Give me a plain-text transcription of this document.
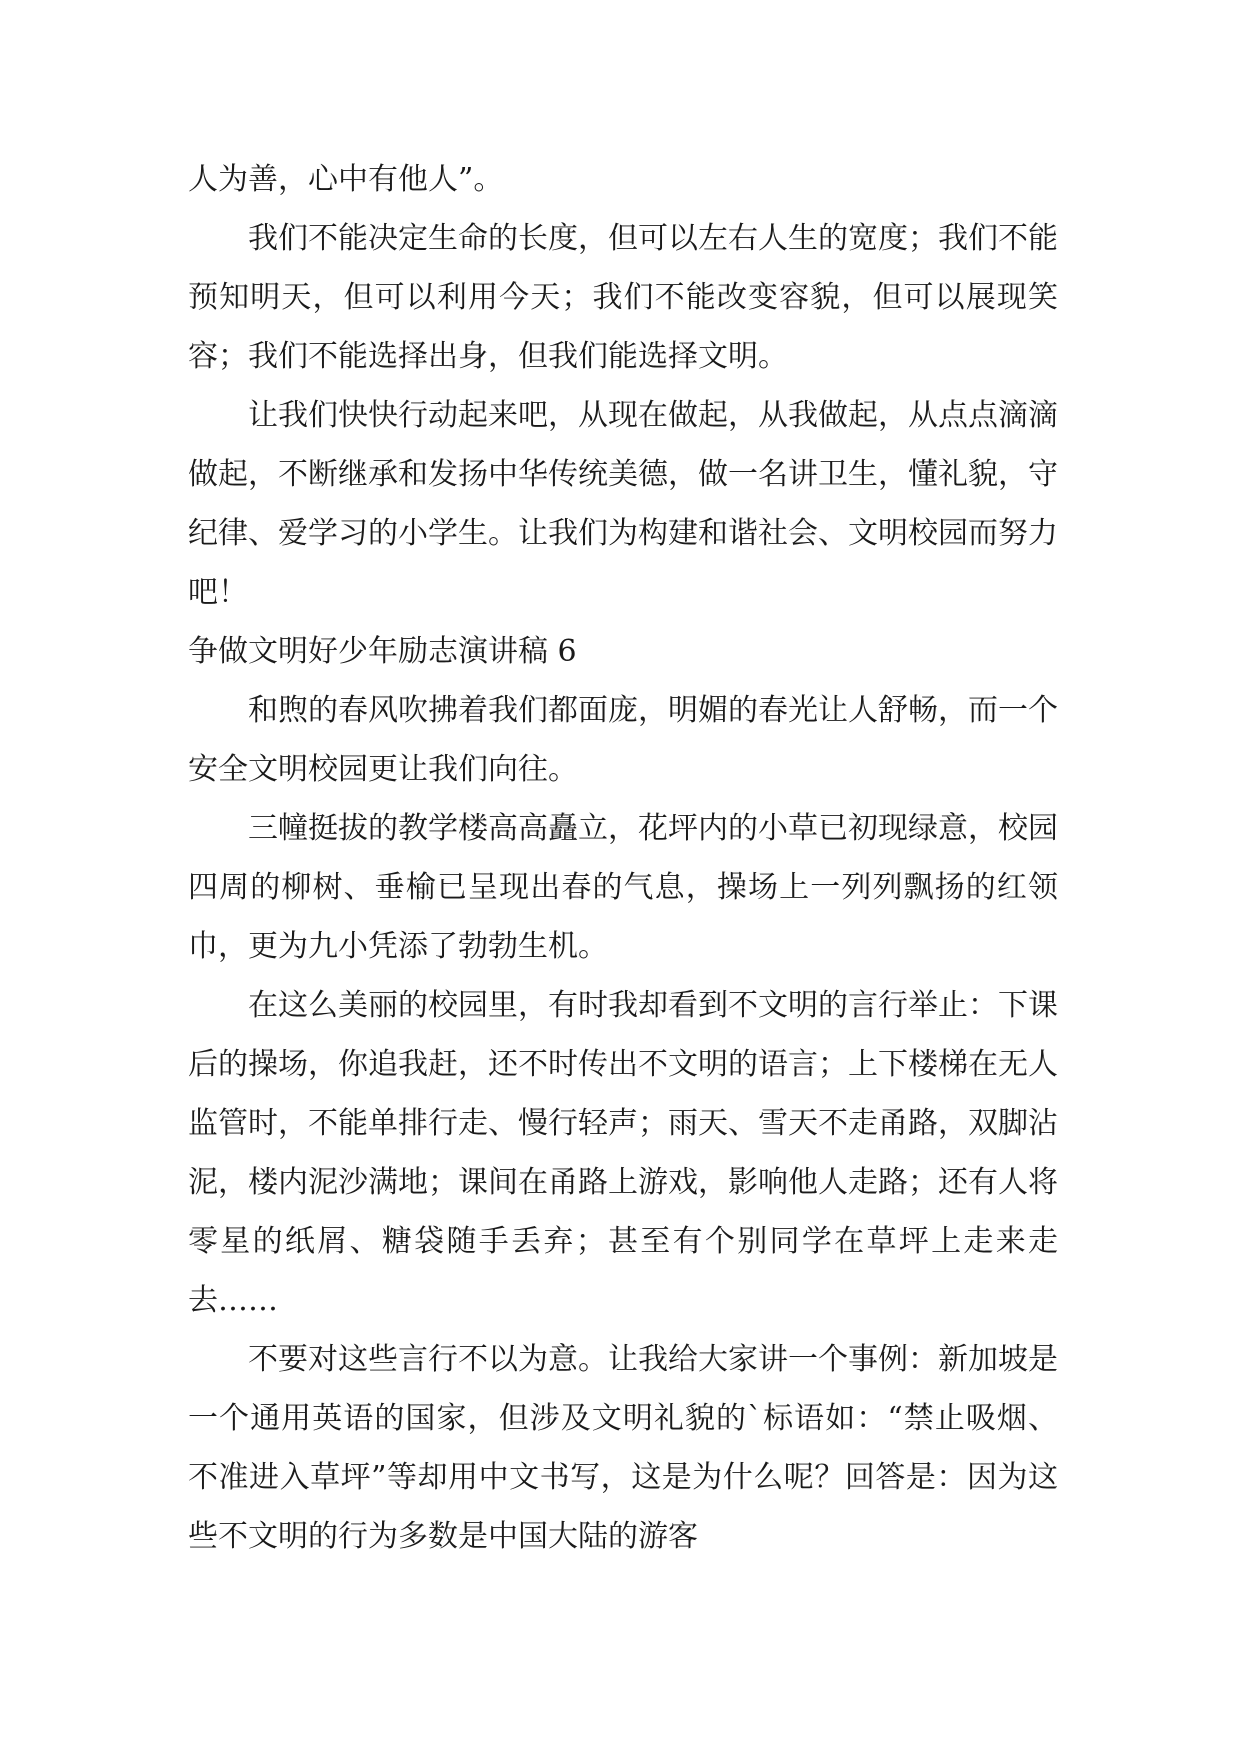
人为善，心中有他人”。

我们不能决定生命的长度，但可以左右人生的宽度；我们不能预知明天，但可以利用今天；我们不能改变容貌，但可以展现笑容；我们不能选择出身，但我们能选择文明。

让我们快快行动起来吧，从现在做起，从我做起，从点点滴滴做起，不断继承和发扬中华传统美德，做一名讲卫生，懂礼貌，守纪律、爱学习的小学生。让我们为构建和谐社会、文明校园而努力吧！

争做文明好少年励志演讲稿 6

和煦的春风吹拂着我们都面庞，明媚的春光让人舒畅，而一个安全文明校园更让我们向往。

三幢挺拔的教学楼高高矗立，花坪内的小草已初现绿意，校园四周的柳树、垂榆已呈现出春的气息，操场上一列列飘扬的红领巾，更为九小凭添了勃勃生机。

在这么美丽的校园里，有时我却看到不文明的言行举止：下课后的操场，你追我赶，还不时传出不文明的语言；上下楼梯在无人监管时，不能单排行走、慢行轻声；雨天、雪天不走甬路，双脚沾泥，楼内泥沙满地；课间在甬路上游戏，影响他人走路；还有人将零星的纸屑、糖袋随手丢弃；甚至有个别同学在草坪上走来走去……

不要对这些言行不以为意。让我给大家讲一个事例：新加坡是一个通用英语的国家，但涉及文明礼貌的`标语如：“禁止吸烟、不准进入草坪”等却用中文书写，这是为什么呢？回答是：因为这些不文明的行为多数是中国大陆的游客
